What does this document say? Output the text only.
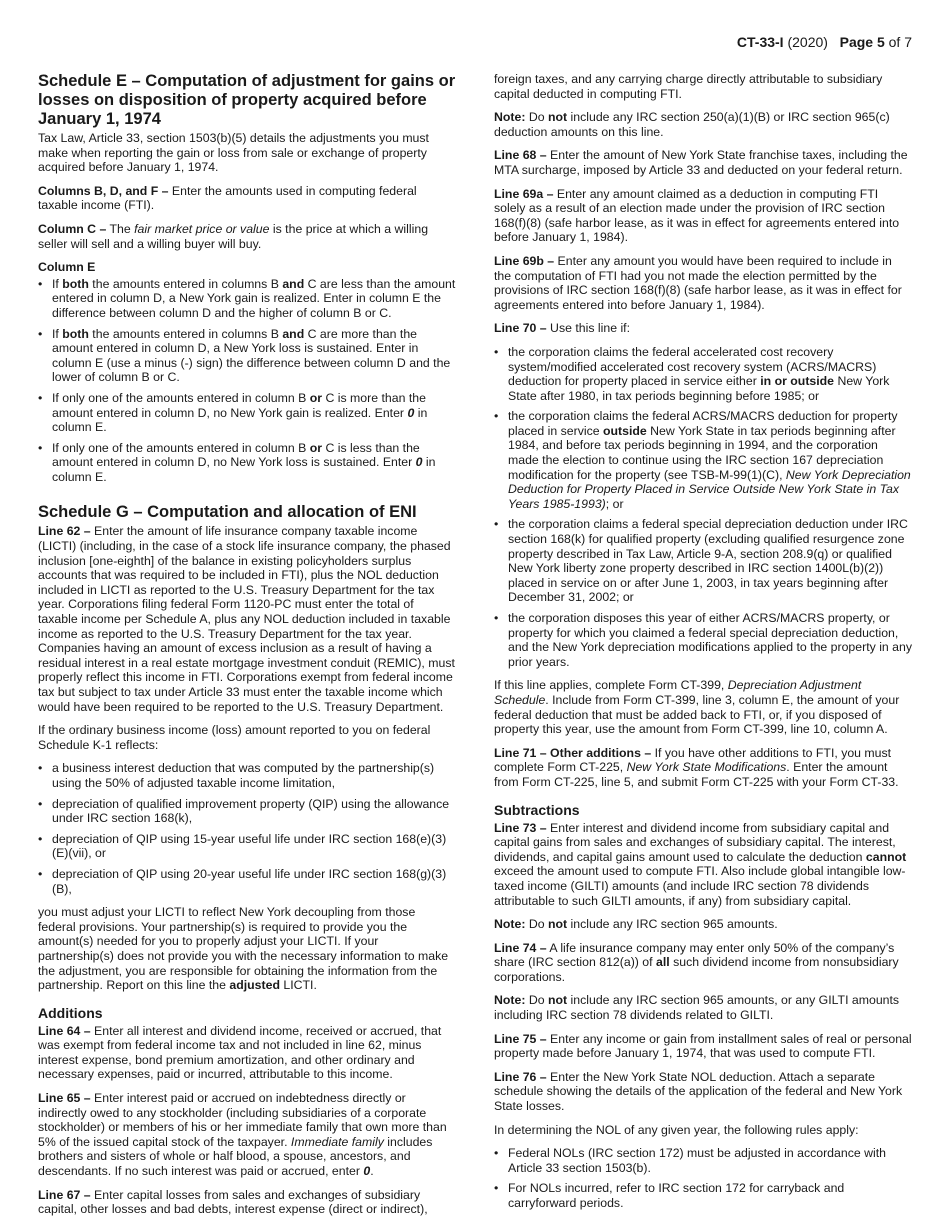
CT-33-I (2020) Page 5 of 7
Schedule E – Computation of adjustment for gains or losses on disposition of property acquired before January 1, 1974

Tax Law, Article 33, section 1503(b)(5) details the adjustments you must make when reporting the gain or loss from sale or exchange of property acquired before January 1, 1974.

Columns B, D, and F – Enter the amounts used in computing federal taxable income (FTI).

Column C – The fair market price or value is the price at which a willing seller will sell and a willing buyer will buy.

Column E
• If both the amounts entered in columns B and C are less than the amount entered in column D, a New York gain is realized. Enter in column E the difference between column D and the higher of column B or C.
• If both the amounts entered in columns B and C are more than the amount entered in column D, a New York loss is sustained. Enter in column E (use a minus (-) sign) the difference between column D and the lower of column B or C.
• If only one of the amounts entered in column B or C is more than the amount entered in column D, no New York gain is realized. Enter 0 in column E.
• If only one of the amounts entered in column B or C is less than the amount entered in column D, no New York loss is sustained. Enter 0 in column E.
Schedule G – Computation and allocation of ENI

Line 62 – Enter the amount of life insurance company taxable income (LICTI) (including, in the case of a stock life insurance company, the phased inclusion [one-eighth] of the balance in existing policyholders surplus accounts that was required to be included in FTI), plus the NOL deduction included in LICTI as reported to the U.S. Treasury Department for the tax year. Corporations filing federal Form 1120-PC must enter the total of taxable income per Schedule A, plus any NOL deduction included in taxable income as reported to the U.S. Treasury Department for the tax year. Companies having an amount of excess inclusion as a result of having a residual interest in a real estate mortgage investment conduit (REMIC), must properly reflect this income in FTI. Corporations exempt from federal income tax but subject to tax under Article 33 must enter the taxable income which would have been required to be reported to the U.S. Treasury Department.

If the ordinary business income (loss) amount reported to you on federal Schedule K-1 reflects:

• a business interest deduction that was computed by the partnership(s) using the 50% of adjusted taxable income limitation,
• depreciation of qualified improvement property (QIP) using the allowance under IRC section 168(k),
• depreciation of QIP using 15-year useful life under IRC section 168(e)(3)(E)(vii), or
• depreciation of QIP using 20-year useful life under IRC section 168(g)(3)(B),

you must adjust your LICTI to reflect New York decoupling from those federal provisions. Your partnership(s) is required to provide you the amount(s) needed for you to properly adjust your LICTI. If your partnership(s) does not provide you with the necessary information to make the adjustment, you are responsible for obtaining the information from the partnership. Report on this line the adjusted LICTI.

Additions

Line 64 – Enter all interest and dividend income, received or accrued, that was exempt from federal income tax and not included in line 62, minus interest expense, bond premium amortization, and other ordinary and necessary expenses, paid or incurred, attributable to this income.

Line 65 – Enter interest paid or accrued on indebtedness directly or indirectly owed to any stockholder (including subsidiaries of a corporate stockholder) or members of his or her immediate family that own more than 5% of the issued capital stock of the taxpayer. Immediate family includes brothers and sisters of whole or half blood, a spouse, ancestors, and descendants. If no such interest was paid or accrued, enter 0.

Line 67 – Enter capital losses from sales and exchanges of subsidiary capital, other losses and bad debts, interest expense (direct or indirect),

foreign taxes, and any carrying charge directly attributable to subsidiary capital deducted in computing FTI.

Note: Do not include any IRC section 250(a)(1)(B) or IRC section 965(c) deduction amounts on this line.

Line 68 – Enter the amount of New York State franchise taxes, including the MTA surcharge, imposed by Article 33 and deducted on your federal return.

Line 69a – Enter any amount claimed as a deduction in computing FTI solely as a result of an election made under the provision of IRC section 168(f)(8) (safe harbor lease, as it was in effect for agreements entered into before January 1, 1984).

Line 69b – Enter any amount you would have been required to include in the computation of FTI had you not made the election permitted by the provisions of IRC section 168(f)(8) (safe harbor lease, as it was in effect for agreements entered into before January 1, 1984).

Line 70 – Use this line if:

• the corporation claims the federal accelerated cost recovery system/modified accelerated cost recovery system (ACRS/MACRS) deduction for property placed in service either in or outside New York State after 1980, in tax periods beginning before 1985; or
• the corporation claims the federal ACRS/MACRS deduction for property placed in service outside New York State in tax periods beginning after 1984, and before tax periods beginning in 1994, and the corporation made the election to continue using the IRC section 167 depreciation modification for the property (see TSB-M-99(1)(C), New York Depreciation Deduction for Property Placed in Service Outside New York State in Tax Years 1985-1993); or
• the corporation claims a federal special depreciation deduction under IRC section 168(k) for qualified property (excluding qualified resurgence zone property described in Tax Law, Article 9-A, section 208.9(q) or qualified New York liberty zone property described in IRC section 1400L(b)(2)) placed in service on or after June 1, 2003, in tax years beginning after December 31, 2002; or
• the corporation disposes this year of either ACRS/MACRS property, or property for which you claimed a federal special depreciation deduction, and the New York depreciation modifications applied to the property in any prior years.

If this line applies, complete Form CT-399, Depreciation Adjustment Schedule. Include from Form CT-399, line 3, column E, the amount of your federal deduction that must be added back to FTI, or, if you disposed of property this year, use the amount from Form CT-399, line 10, column A.

Line 71 – Other additions – If you have other additions to FTI, you must complete Form CT-225, New York State Modifications. Enter the amount from Form CT-225, line 5, and submit Form CT-225 with your Form CT-33.

Subtractions

Line 73 – Enter interest and dividend income from subsidiary capital and capital gains from sales and exchanges of subsidiary capital. The interest, dividends, and capital gains amount used to calculate the deduction cannot exceed the amount used to compute FTI. Also include global intangible low-taxed income (GILTI) amounts (and include IRC section 78 dividends attributable to such GILTI amounts, if any) from subsidiary capital.

Note: Do not include any IRC section 965 amounts.

Line 74 – A life insurance company may enter only 50% of the company’s share (IRC section 812(a)) of all such dividend income from nonsubsidiary corporations.

Note: Do not include any IRC section 965 amounts, or any GILTI amounts including IRC section 78 dividends related to GILTI.

Line 75 – Enter any income or gain from installment sales of real or personal property made before January 1, 1974, that was used to compute FTI.

Line 76 – Enter the New York State NOL deduction. Attach a separate schedule showing the details of the application of the federal and New York State losses.

In determining the NOL of any given year, the following rules apply:

• Federal NOLs (IRC section 172) must be adjusted in accordance with Article 33 section 1503(b).
• For NOLs incurred, refer to IRC section 172 for carryback and carryforward periods.
